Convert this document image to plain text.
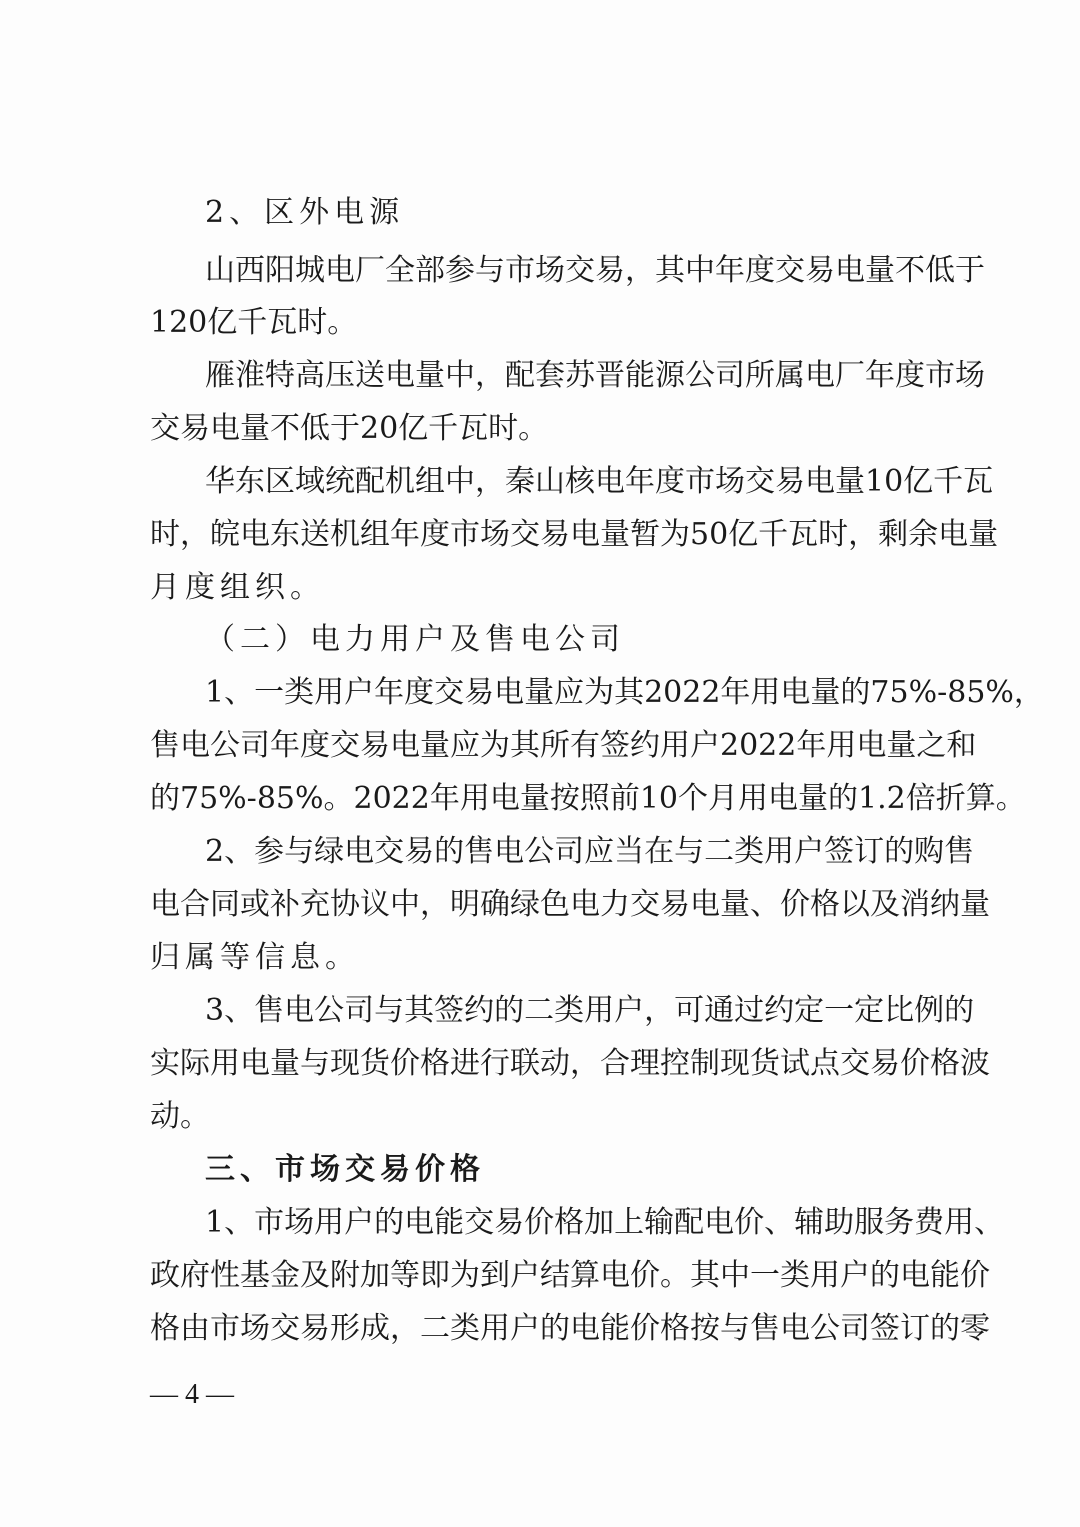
2、区外电源

山西阳城电厂全部参与市场交易，其中年度交易电量不低于

120亿千瓦时。

雁淮特高压送电量中，配套苏晋能源公司所属电厂年度市场

交易电量不低于20亿千瓦时。

华东区域统配机组中，秦山核电年度市场交易电量10亿千瓦

时，皖电东送机组年度市场交易电量暂为50亿千瓦时，剩余电量

月度组织。

（二）电力用户及售电公司

1、一类用户年度交易电量应为其2022年用电量的75%-85%，

售电公司年度交易电量应为其所有签约用户2022年用电量之和

的75%-85%。2022年用电量按照前10个月用电量的1.2倍折算。

2、参与绿电交易的售电公司应当在与二类用户签订的购售

电合同或补充协议中，明确绿色电力交易电量、价格以及消纳量

归属等信息。

3、售电公司与其签约的二类用户，可通过约定一定比例的

实际用电量与现货价格进行联动，合理控制现货试点交易价格波

动。

三、市场交易价格

1、市场用户的电能交易价格加上输配电价、辅助服务费用、

政府性基金及附加等即为到户结算电价。其中一类用户的电能价

格由市场交易形成，二类用户的电能价格按与售电公司签订的零

— 4 —
